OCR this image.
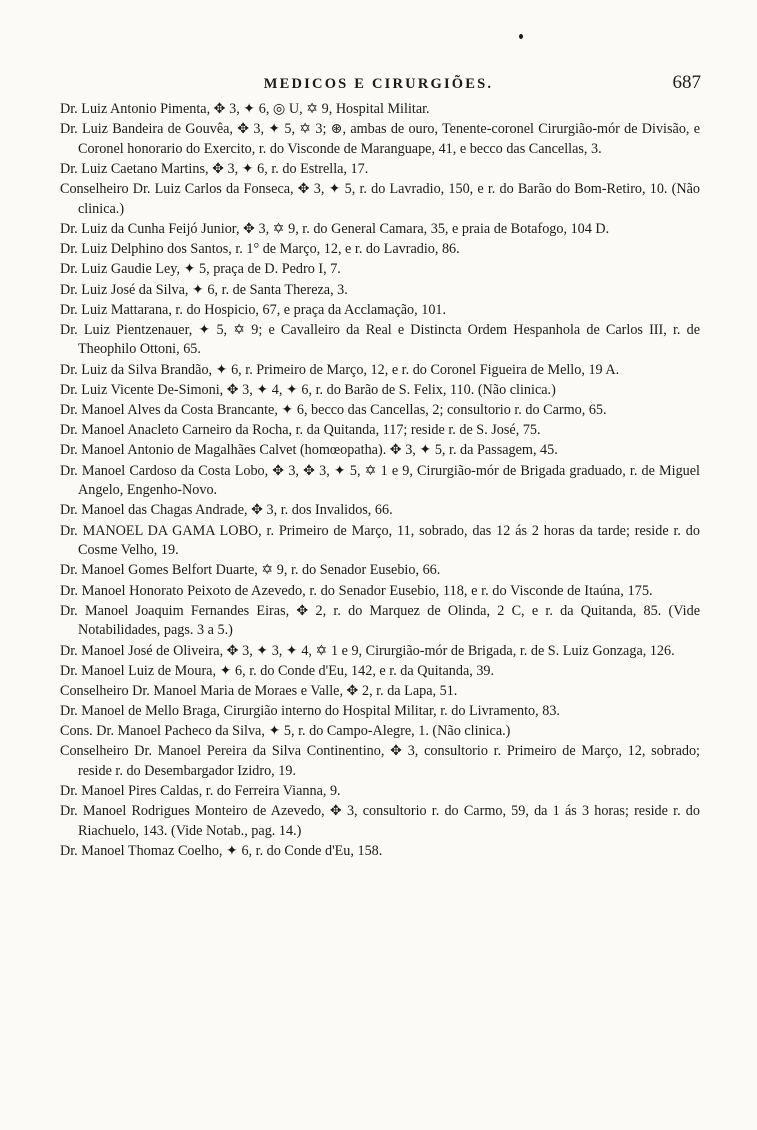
MEDICOS E CIRURGIÕES.	687

Dr. Luiz Antonio Pimenta, ✥ 3, ✦ 6, ◎ U, ✡ 9, Hospital Militar.

Dr. Luiz Bandeira de Gouvêa, ✥ 3, ✦ 5, ✡ 3; ⊛, ambas de ouro, Tenente-coronel Cirurgião-mór de Divisão, e Coronel honorario do Exercito, r. do Visconde de Maranguape, 41, e becco das Cancellas, 3.

Dr. Luiz Caetano Martins, ✥ 3, ✦ 6, r. do Estrella, 17.

Conselheiro Dr. Luiz Carlos da Fonseca, ✥ 3, ✦ 5, r. do Lavradio, 150, e r. do Barão do Bom-Retiro, 10. (Não clinica.)

Dr. Luiz da Cunha Feijó Junior, ✥ 3, ✡ 9, r. do General Camara, 35, e praia de Botafogo, 104 D.

Dr. Luiz Delphino dos Santos, r. 1° de Março, 12, e r. do Lavradio, 86.

Dr. Luiz Gaudie Ley, ✦ 5, praça de D. Pedro I, 7.

Dr. Luiz José da Silva, ✦ 6, r. de Santa Thereza, 3.

Dr. Luiz Mattarana, r. do Hospicio, 67, e praça da Acclamação, 101.

Dr. Luiz Pientzenauer, ✦ 5, ✡ 9; e Cavalleiro da Real e Distincta Ordem Hespanhola de Carlos III, r. de Theophilo Ottoni, 65.

Dr. Luiz da Silva Brandão, ✦ 6, r. Primeiro de Março, 12, e r. do Coronel Figueira de Mello, 19 A.

Dr. Luiz Vicente De-Simoni, ✥ 3, ✦ 4, ✦ 6, r. do Barão de S. Felix, 110. (Não clinica.)

Dr. Manoel Alves da Costa Brancante, ✦ 6, becco das Cancellas, 2; consultorio r. do Carmo, 65.

Dr. Manoel Anacleto Carneiro da Rocha, r. da Quitanda, 117; reside r. de S. José, 75.

Dr. Manoel Antonio de Magalhães Calvet (homœopatha). ✥ 3, ✦ 5, r. da Passagem, 45.

Dr. Manoel Cardoso da Costa Lobo, ✥ 3, ✥ 3, ✦ 5, ✡ 1 e 9, Cirurgião-mór de Brigada graduado, r. de Miguel Angelo, Engenho-Novo.

Dr. Manoel das Chagas Andrade, ✥ 3, r. dos Invalidos, 66.

Dr. MANOEL DA GAMA LOBO, r. Primeiro de Março, 11, sobrado, das 12 ás 2 horas da tarde; reside r. do Cosme Velho, 19.

Dr. Manoel Gomes Belfort Duarte, ✡ 9, r. do Senador Eusebio, 66.

Dr. Manoel Honorato Peixoto de Azevedo, r. do Senador Eusebio, 118, e r. do Visconde de Itaúna, 175.

Dr. Manoel Joaquim Fernandes Eiras, ✥ 2, r. do Marquez de Olinda, 2 C, e r. da Quitanda, 85. (Vide Notabilidades, pags. 3 a 5.)

Dr. Manoel José de Oliveira, ✥ 3, ✦ 3, ✦ 4, ✡ 1 e 9, Cirurgião-mór de Brigada, r. de S. Luiz Gonzaga, 126.

Dr. Manoel Luiz de Moura, ✦ 6, r. do Conde d'Eu, 142, e r. da Quitanda, 39.

Conselheiro Dr. Manoel Maria de Moraes e Valle, ✥ 2, r. da Lapa, 51.

Dr. Manoel de Mello Braga, Cirurgião interno do Hospital Militar, r. do Livramento, 83.

Cons. Dr. Manoel Pacheco da Silva, ✦ 5, r. do Campo-Alegre, 1. (Não clinica.)

Conselheiro Dr. Manoel Pereira da Silva Continentino, ✥ 3, consultorio r. Primeiro de Março, 12, sobrado; reside r. do Desembargador Izidro, 19.

Dr. Manoel Pires Caldas, r. do Ferreira Vianna, 9.

Dr. Manoel Rodrigues Monteiro de Azevedo, ✥ 3, consultorio r. do Carmo, 59, da 1 ás 3 horas; reside r. do Riachuelo, 143. (Vide Notab., pag. 14.)

Dr. Manoel Thomaz Coelho, ✦ 6, r. do Conde d'Eu, 158.
